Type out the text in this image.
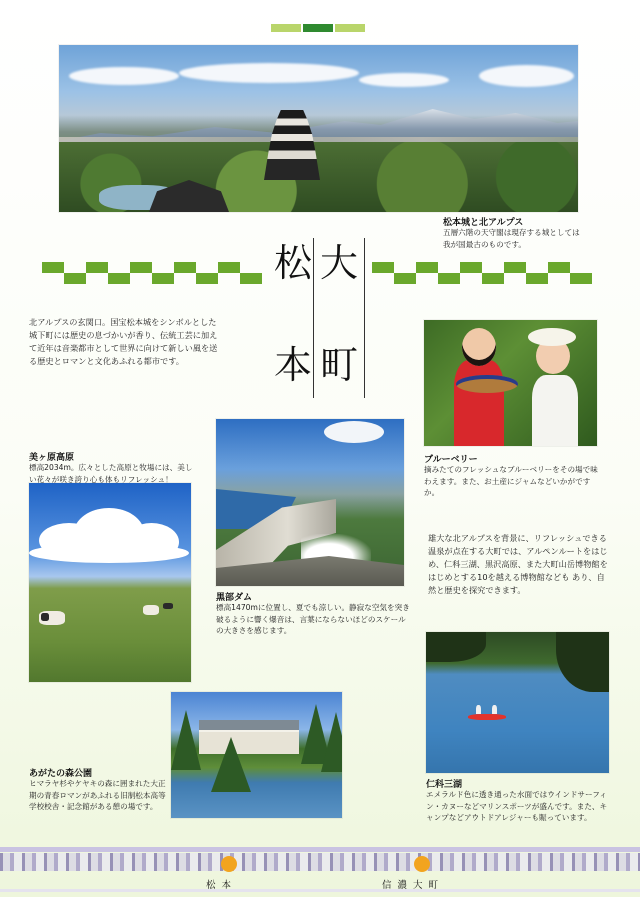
松本城と北アルプス
五層六階の天守閣は現存する城としては我が国最古のものです。
大
町
松
本
北アルプスの玄関口。国宝松本城をシンボルとした城下町には歴史の息づかいが香り、伝統工芸に加えて近年は音楽都市として世界に向けて新しい風を送る歴史とロマンと文化あふれる都市です。
ブルーベリー
摘みたてのフレッシュなブルーベリーをその場で味わえます。また、お土産にジャムなどいかがですか。
美ヶ原高原
標高2034m。広々とした高原と牧場には、美しい花々が咲き誇り心も体もリフレッシュ！
黒部ダム
標高1470mに位置し、夏でも涼しい。静寂な空気を突き破るように響く爆音は、言葉にならないほどのスケールの大きさを感じます。
雄大な北アルプスを背景に、リフレッシュできる温泉が点在する大町では、アルペンルートをはじめ、仁科三湖、黒沢高原、また大町山岳博物館をはじめとする10を越える博物館なども あり、自然と歴史を探究できます。
あがたの森公園
ヒマラヤ杉やケヤキの森に囲まれた大正期の青春ロマンがあふれる旧制松本高等学校校舎・記念館がある憩の場です。
仁科三湖
エメラルド色に透き通った水面ではウインドサーフィン・カヌーなどマリンスポーツが盛んです。また、キャンプなどアウトドアレジャーも賑っています。
松本	信濃大町
